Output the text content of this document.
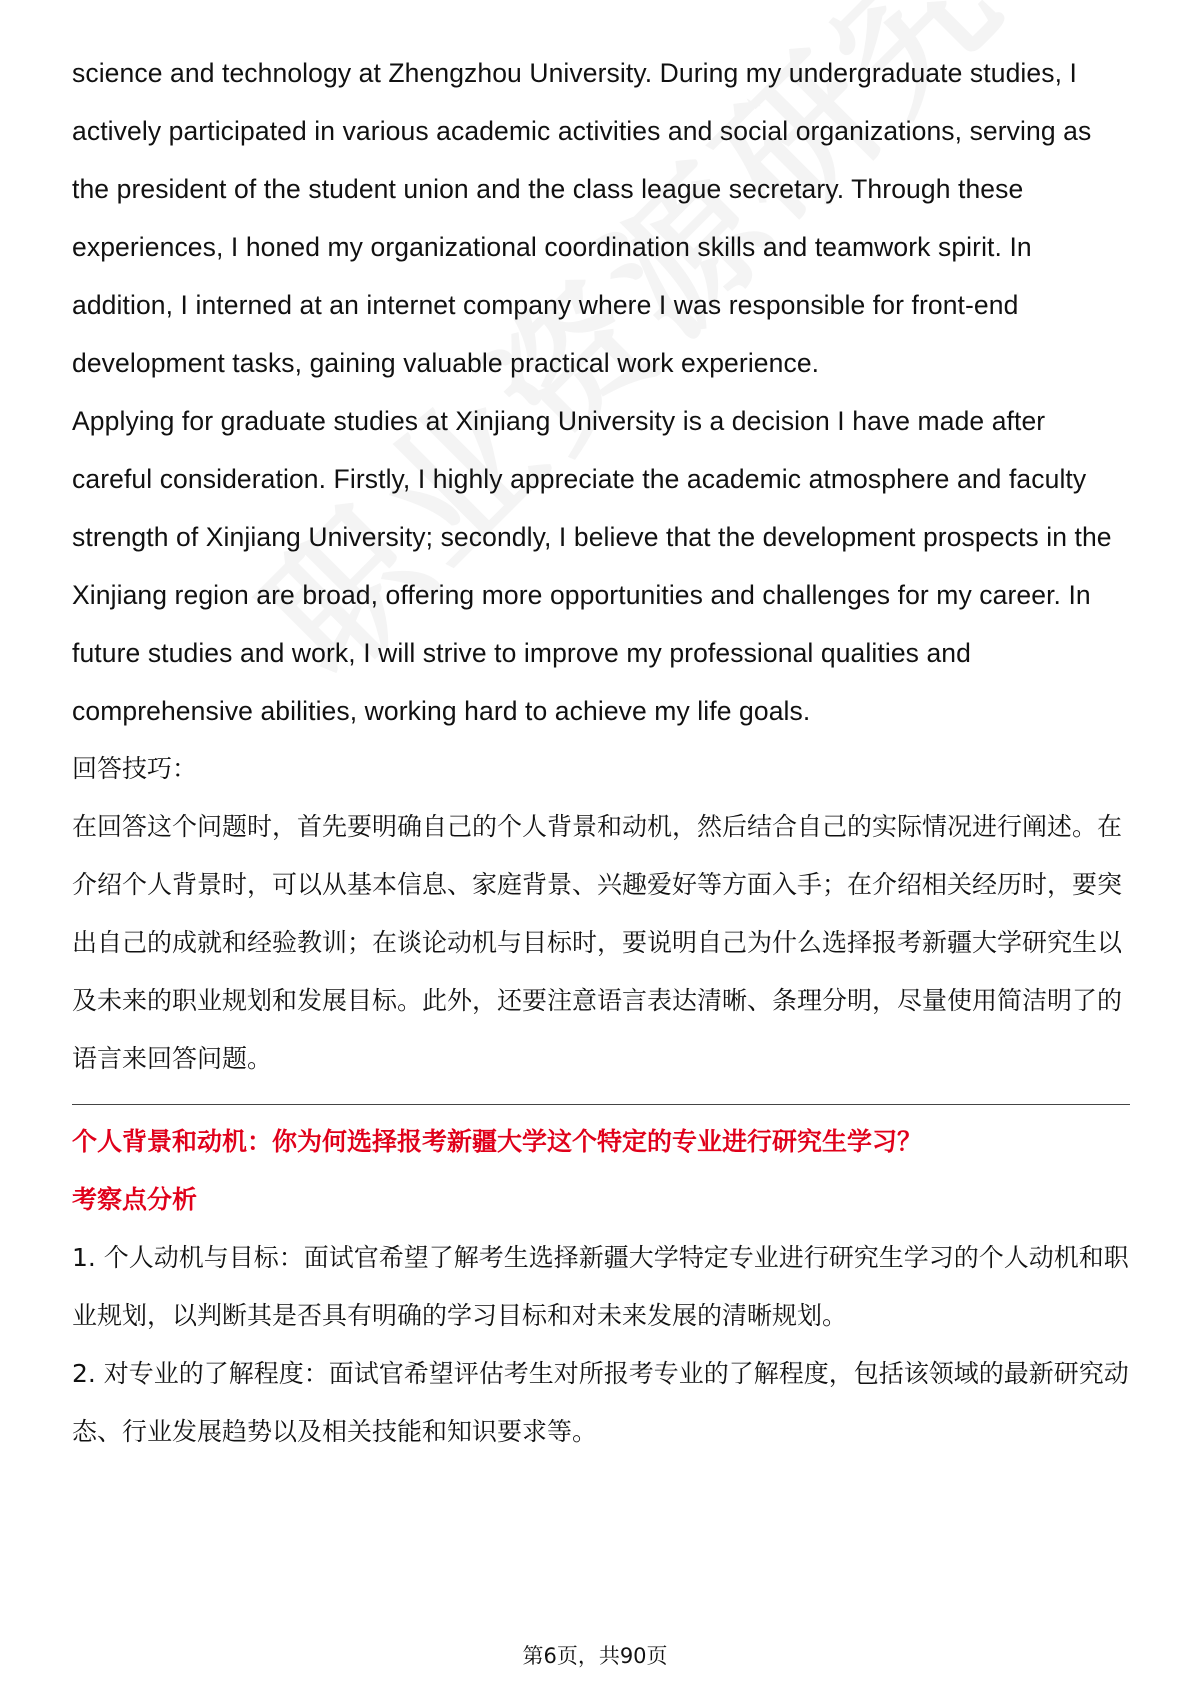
science and technology at Zhengzhou University. During my undergraduate studies, I actively participated in various academic activities and social organizations, serving as the president of the student union and the class league secretary. Through these experiences, I honed my organizational coordination skills and teamwork spirit. In addition, I interned at an internet company where I was responsible for front-end development tasks, gaining valuable practical work experience.

Applying for graduate studies at Xinjiang University is a decision I have made after careful consideration. Firstly, I highly appreciate the academic atmosphere and faculty strength of Xinjiang University; secondly, I believe that the development prospects in the Xinjiang region are broad, offering more opportunities and challenges for my career. In future studies and work, I will strive to improve my professional qualities and comprehensive abilities, working hard to achieve my life goals.

回答技巧：

在回答这个问题时，首先要明确自己的个人背景和动机，然后结合自己的实际情况进行阐述。在介绍个人背景时，可以从基本信息、家庭背景、兴趣爱好等方面入手；在介绍相关经历时，要突出自己的成就和经验教训；在谈论动机与目标时，要说明自己为什么选择报考新疆大学研究生以及未来的职业规划和发展目标。此外，还要注意语言表达清晰、条理分明，尽量使用简洁明了的语言来回答问题。

个人背景和动机：你为何选择报考新疆大学这个特定的专业进行研究生学习？

考察点分析

1. 个人动机与目标：面试官希望了解考生选择新疆大学特定专业进行研究生学习的个人动机和职业规划，以判断其是否具有明确的学习目标和对未来发展的清晰规划。

2. 对专业的了解程度：面试官希望评估考生对所报考专业的了解程度，包括该领域的最新研究动态、行业发展趋势以及相关技能和知识要求等。

第6页，共90页
